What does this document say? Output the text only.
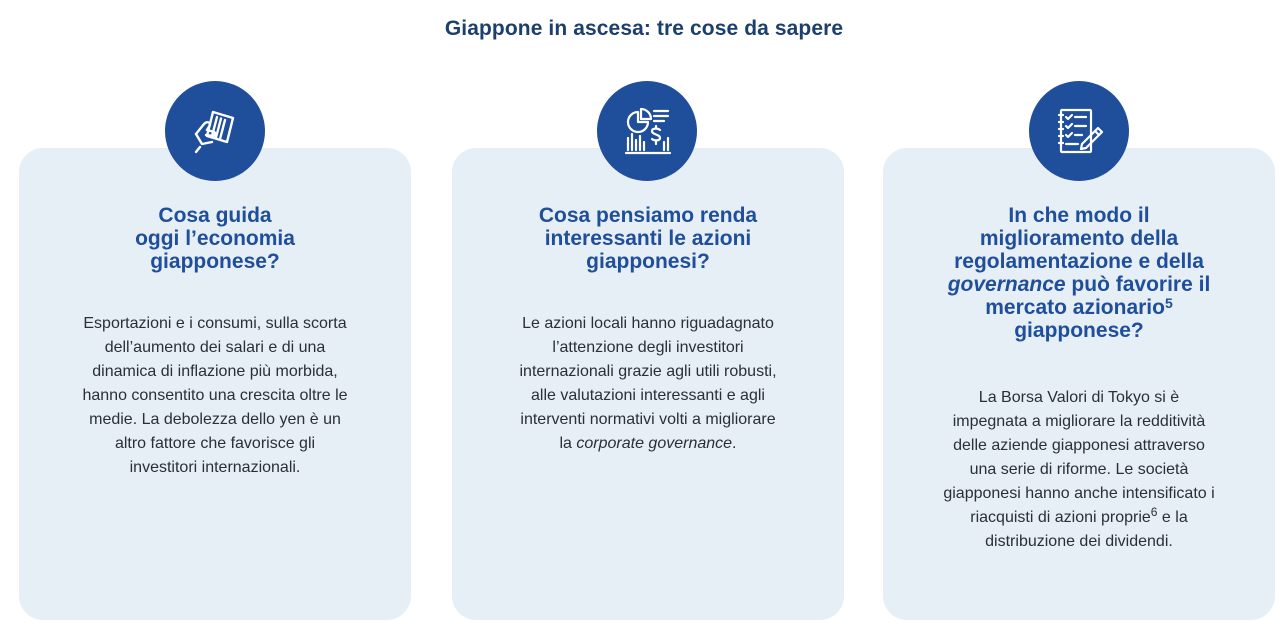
Giappone in ascesa: tre cose da sapere
Cosa guida
oggi l’economia
giapponese?
Esportazioni e i consumi, sulla scorta
dell’aumento dei salari e di una
dinamica di inflazione più morbida,
hanno consentito una crescita oltre le
medie. La debolezza dello yen è un
altro fattore che favorisce gli
investitori internazionali.
Cosa pensiamo renda
interessanti le azioni
giapponesi?
Le azioni locali hanno riguadagnato
l’attenzione degli investitori
internazionali grazie agli utili robusti,
alle valutazioni interessanti e agli
interventi normativi volti a migliorare
la corporate governance.
In che modo il
miglioramento della
regolamentazione e della
governance può favorire il
mercato azionario$^5$
giapponese?
La Borsa Valori di Tokyo si è
impegnata a migliorare la redditività
delle aziende giapponesi attraverso
una serie di riforme. Le società
giapponesi hanno anche intensificato i
riacquisti di azioni proprie$^6$ e la
distribuzione dei dividendi.
